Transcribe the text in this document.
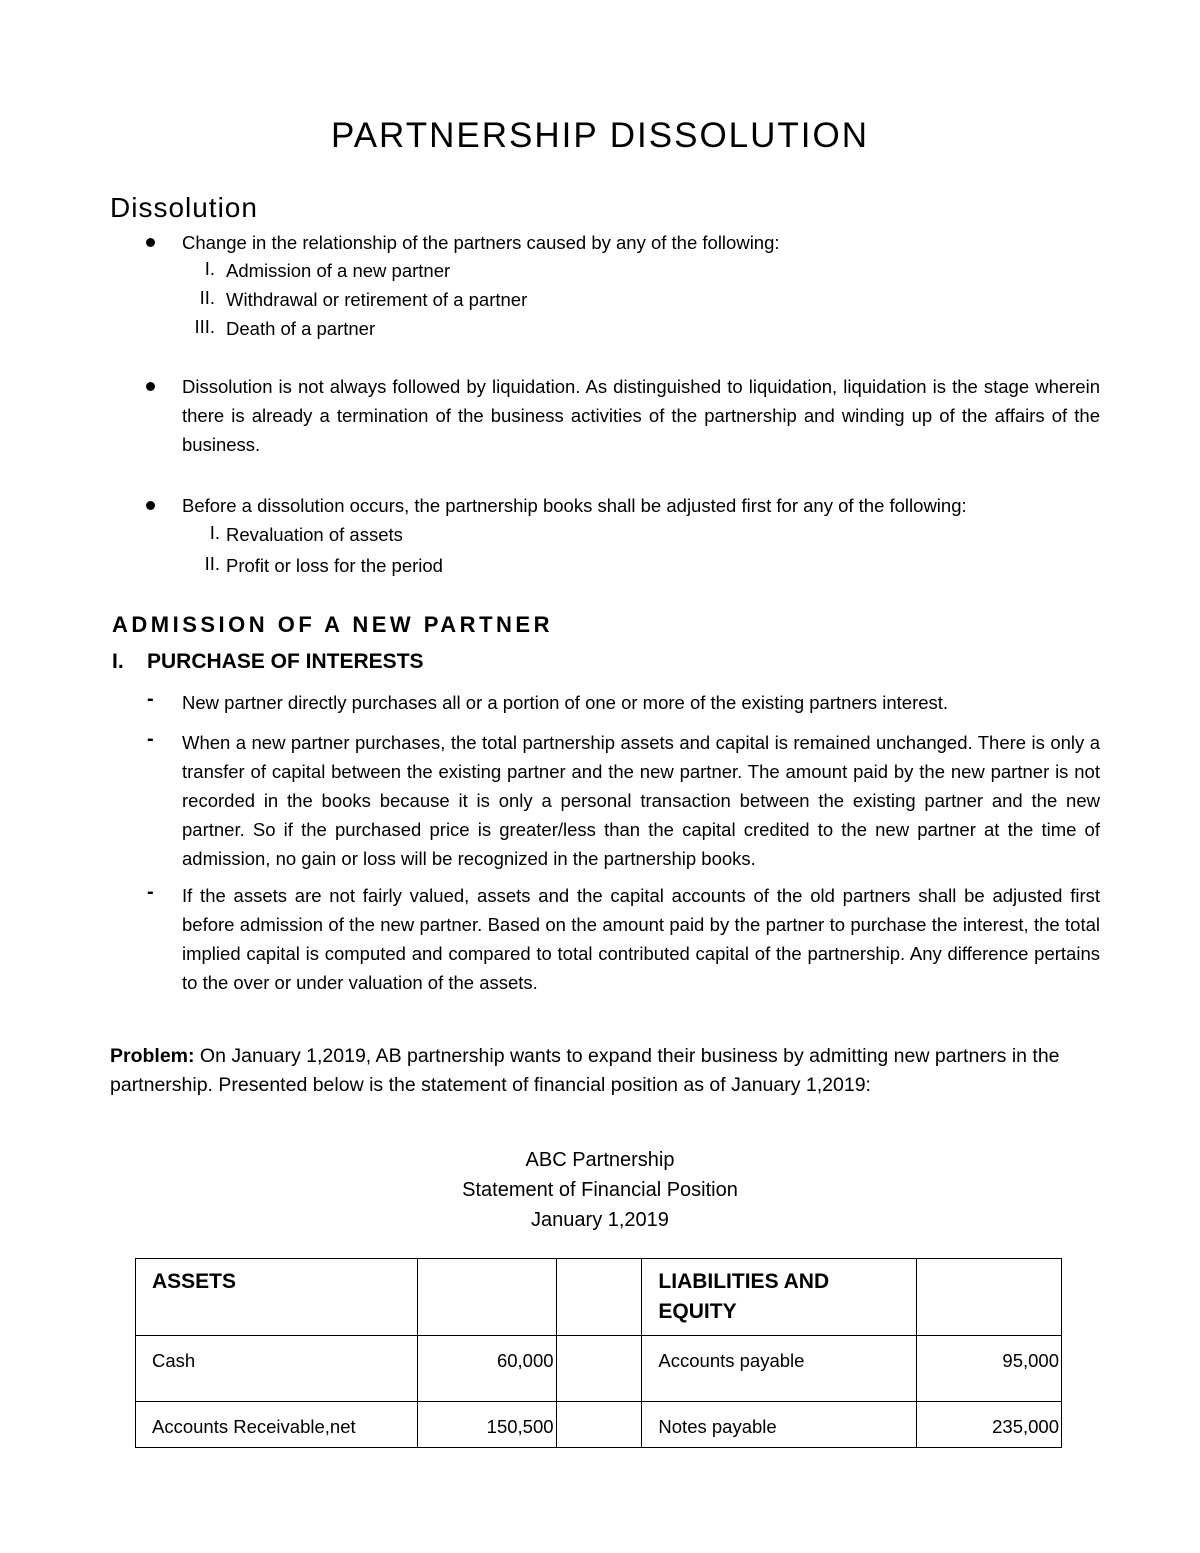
PARTNERSHIP DISSOLUTION
Dissolution
Change in the relationship of the partners caused by any of the following:
I. Admission of a new partner
II. Withdrawal or retirement of a partner
III. Death of a partner
Dissolution is not always followed by liquidation. As distinguished to liquidation, liquidation is the stage wherein there is already a termination of the business activities of the partnership and winding up of the affairs of the business.
Before a dissolution occurs, the partnership books shall be adjusted first for any of the following:
I. Revaluation of assets
II. Profit or loss for the period
ADMISSION OF A NEW PARTNER
I. PURCHASE OF INTERESTS
- New partner directly purchases all or a portion of one or more of the existing partners interest.
- When a new partner purchases, the total partnership assets and capital is remained unchanged. There is only a transfer of capital between the existing partner and the new partner. The amount paid by the new partner is not recorded in the books because it is only a personal transaction between the existing partner and the new partner. So if the purchased price is greater/less than the capital credited to the new partner at the time of admission, no gain or loss will be recognized in the partnership books.
- If the assets are not fairly valued, assets and the capital accounts of the old partners shall be adjusted first before admission of the new partner. Based on the amount paid by the partner to purchase the interest, the total implied capital is computed and compared to total contributed capital of the partnership. Any difference pertains to the over or under valuation of the assets.
Problem: On January 1,2019, AB partnership wants to expand their business by admitting new partners in the partnership. Presented below is the statement of financial position as of January 1,2019:
ABC Partnership
Statement of Financial Position
January 1,2019
ASSETS			LIABILITIES AND EQUITY	
Cash	60,000		Accounts payable	95,000
Accounts Receivable,net	150,500		Notes payable	235,000
